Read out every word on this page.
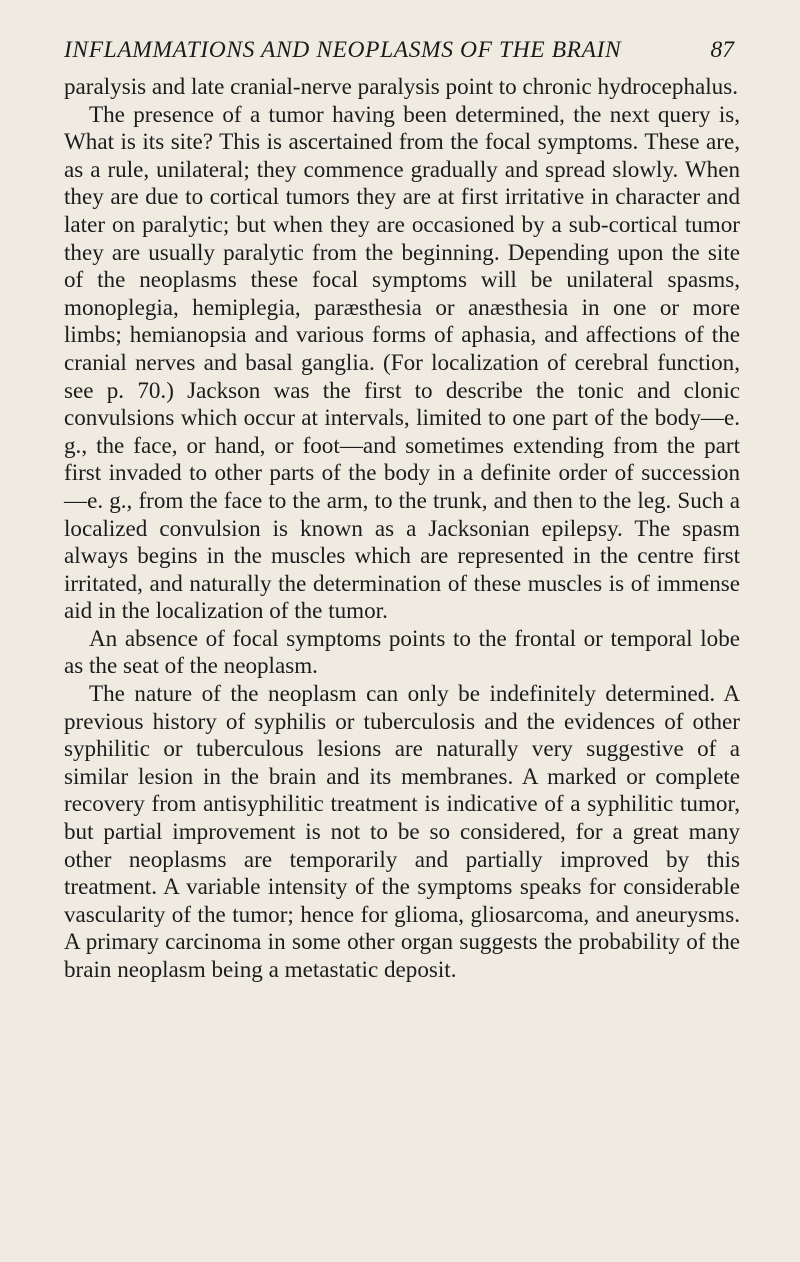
INFLAMMATIONS AND NEOPLASMS OF THE BRAIN	87

paralysis and late cranial-nerve paralysis point to chronic hydrocephalus.

The presence of a tumor having been determined, the next query is, What is its site? This is ascertained from the focal symptoms. These are, as a rule, unilateral; they commence gradually and spread slowly. When they are due to cortical tumors they are at first irritative in character and later on paralytic; but when they are occasioned by a sub-cortical tumor they are usually paralytic from the beginning. Depending upon the site of the neoplasms these focal symptoms will be unilateral spasms, monoplegia, hemiplegia, paræsthesia or anæsthesia in one or more limbs; hemianopsia and various forms of aphasia, and affections of the cranial nerves and basal ganglia. (For localization of cerebral function, see p. 70.) Jackson was the first to describe the tonic and clonic convulsions which occur at intervals, limited to one part of the body—e. g., the face, or hand, or foot—and sometimes extending from the part first invaded to other parts of the body in a definite order of succession—e. g., from the face to the arm, to the trunk, and then to the leg. Such a localized convulsion is known as a Jacksonian epilepsy. The spasm always begins in the muscles which are represented in the centre first irritated, and naturally the determination of these muscles is of immense aid in the localization of the tumor.

An absence of focal symptoms points to the frontal or temporal lobe as the seat of the neoplasm.

The nature of the neoplasm can only be indefinitely determined. A previous history of syphilis or tuberculosis and the evidences of other syphilitic or tuberculous lesions are naturally very suggestive of a similar lesion in the brain and its membranes. A marked or complete recovery from antisyphilitic treatment is indicative of a syphilitic tumor, but partial improvement is not to be so considered, for a great many other neoplasms are temporarily and partially improved by this treatment. A variable intensity of the symptoms speaks for considerable vascularity of the tumor; hence for glioma, gliosarcoma, and aneurysms. A primary carcinoma in some other organ suggests the probability of the brain neoplasm being a metastatic deposit.
